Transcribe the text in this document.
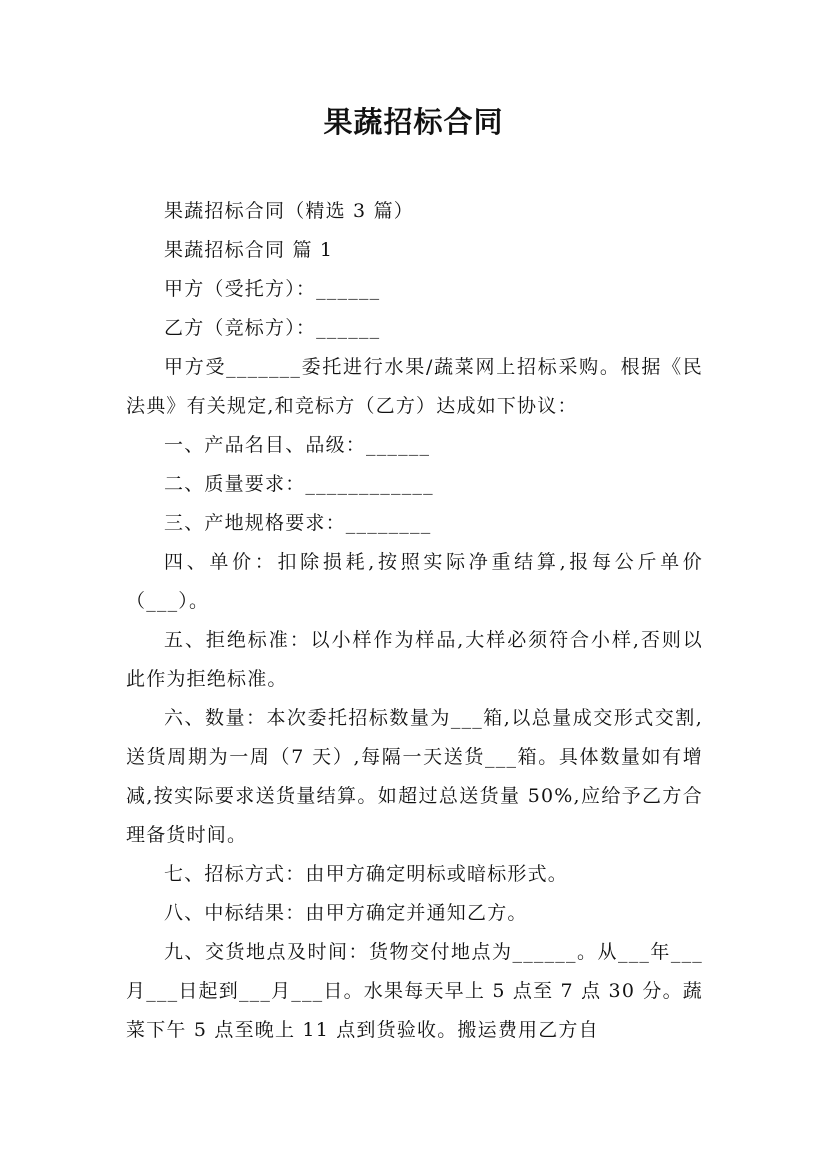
果蔬招标合同

果蔬招标合同（精选 3 篇）

果蔬招标合同 篇 1

甲方（受托方）：______

乙方（竞标方）：______

甲方受_______委托进行水果/蔬菜网上招标采购。根据《民法典》有关规定,和竞标方（乙方）达成如下协议：

一、产品名目、品级：______

二、质量要求：____________

三、产地规格要求：________

四、单价：扣除损耗,按照实际净重结算,报每公斤单价（___）。

五、拒绝标准：以小样作为样品,大样必须符合小样,否则以此作为拒绝标准。

六、数量：本次委托招标数量为___箱,以总量成交形式交割,送货周期为一周（7 天）,每隔一天送货___箱。具体数量如有增减,按实际要求送货量结算。如超过总送货量 50%,应给予乙方合理备货时间。

七、招标方式：由甲方确定明标或暗标形式。

八、中标结果：由甲方确定并通知乙方。

九、交货地点及时间：货物交付地点为______。从___年___月___日起到___月___日。水果每天早上 5 点至 7 点 30 分。蔬菜下午 5 点至晚上 11 点到货验收。搬运费用乙方自
